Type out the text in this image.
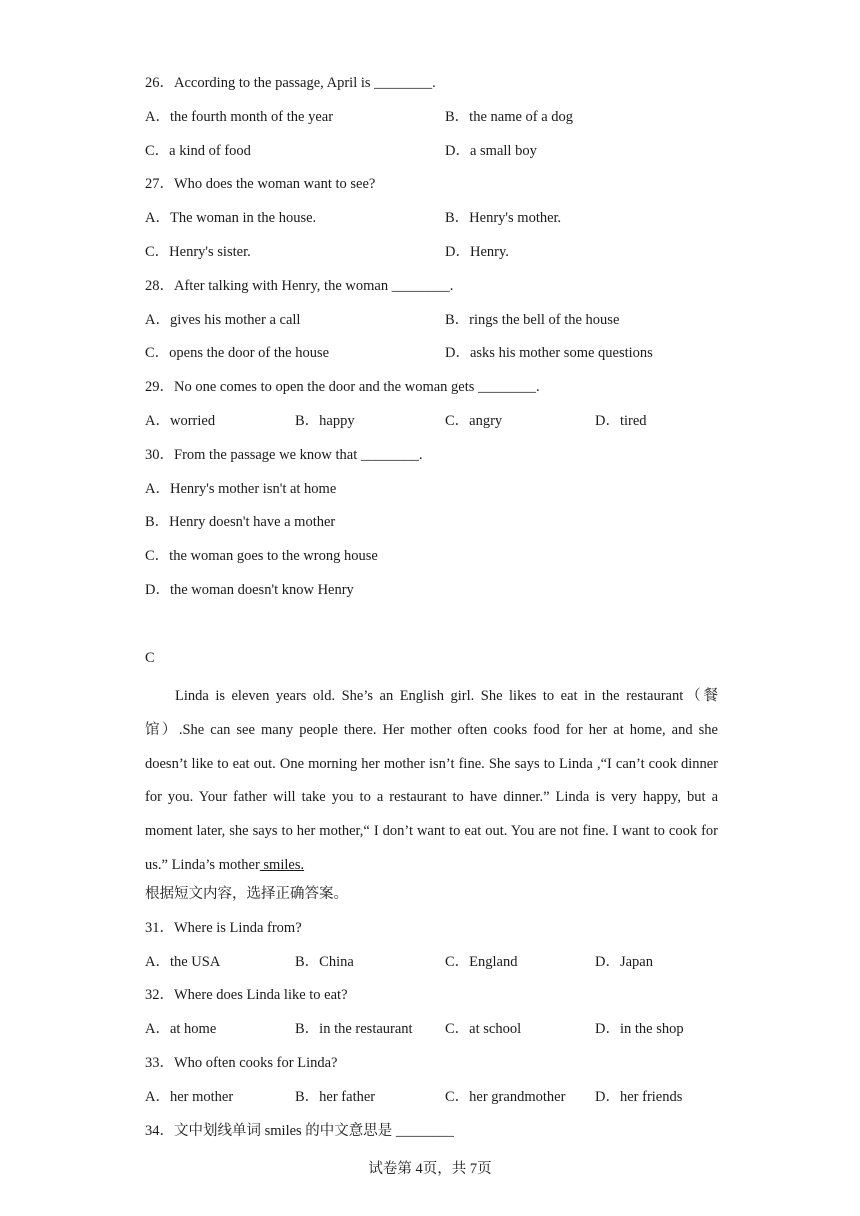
26．According to the passage, April is ________.
A．the fourth month of the year	B．the name of a dog
C．a kind of food	D．a small boy
27．Who does the woman want to see?
A．The woman in the house.	B．Henry's mother.
C．Henry's sister.	D．Henry.
28．After talking with Henry, the woman ________.
A．gives his mother a call	B．rings the bell of the house
C．opens the door of the house	D．asks his mother some questions
29．No one comes to open the door and the woman gets ________.
A．worried	B．happy	C．angry	D．tired
30．From the passage we know that ________.
A．Henry's mother isn't at home
B．Henry doesn't have a mother
C．the woman goes to the wrong house
D．the woman doesn't know Henry
C
Linda is eleven years old. She’s an English girl. She likes to eat in the restaurant（餐馆）.She can see many people there. Her mother often cooks food for her at home, and she doesn’t like to eat out. One morning her mother isn’t fine. She says to Linda ,“I can’t cook dinner for you. Your father will take you to a restaurant to have dinner.” Linda is very happy, but a moment later, she says to her mother,“ I don’t want to eat out. You are not fine. I want to cook for us.” Linda’s mother smiles.
根据短文内容，选择正确答案。
31．Where is Linda from?
A．the USA	B．China	C．England	D．Japan
32．Where does Linda like to eat?
A．at home	B．in the restaurant C．at school	D．in the shop
33．Who often cooks for Linda?
A．her mother	B．her father	C．her grandmother D．her friends
34．文中划线单词 smiles 的中文意思是 ________
试卷第 4页，共 7页
